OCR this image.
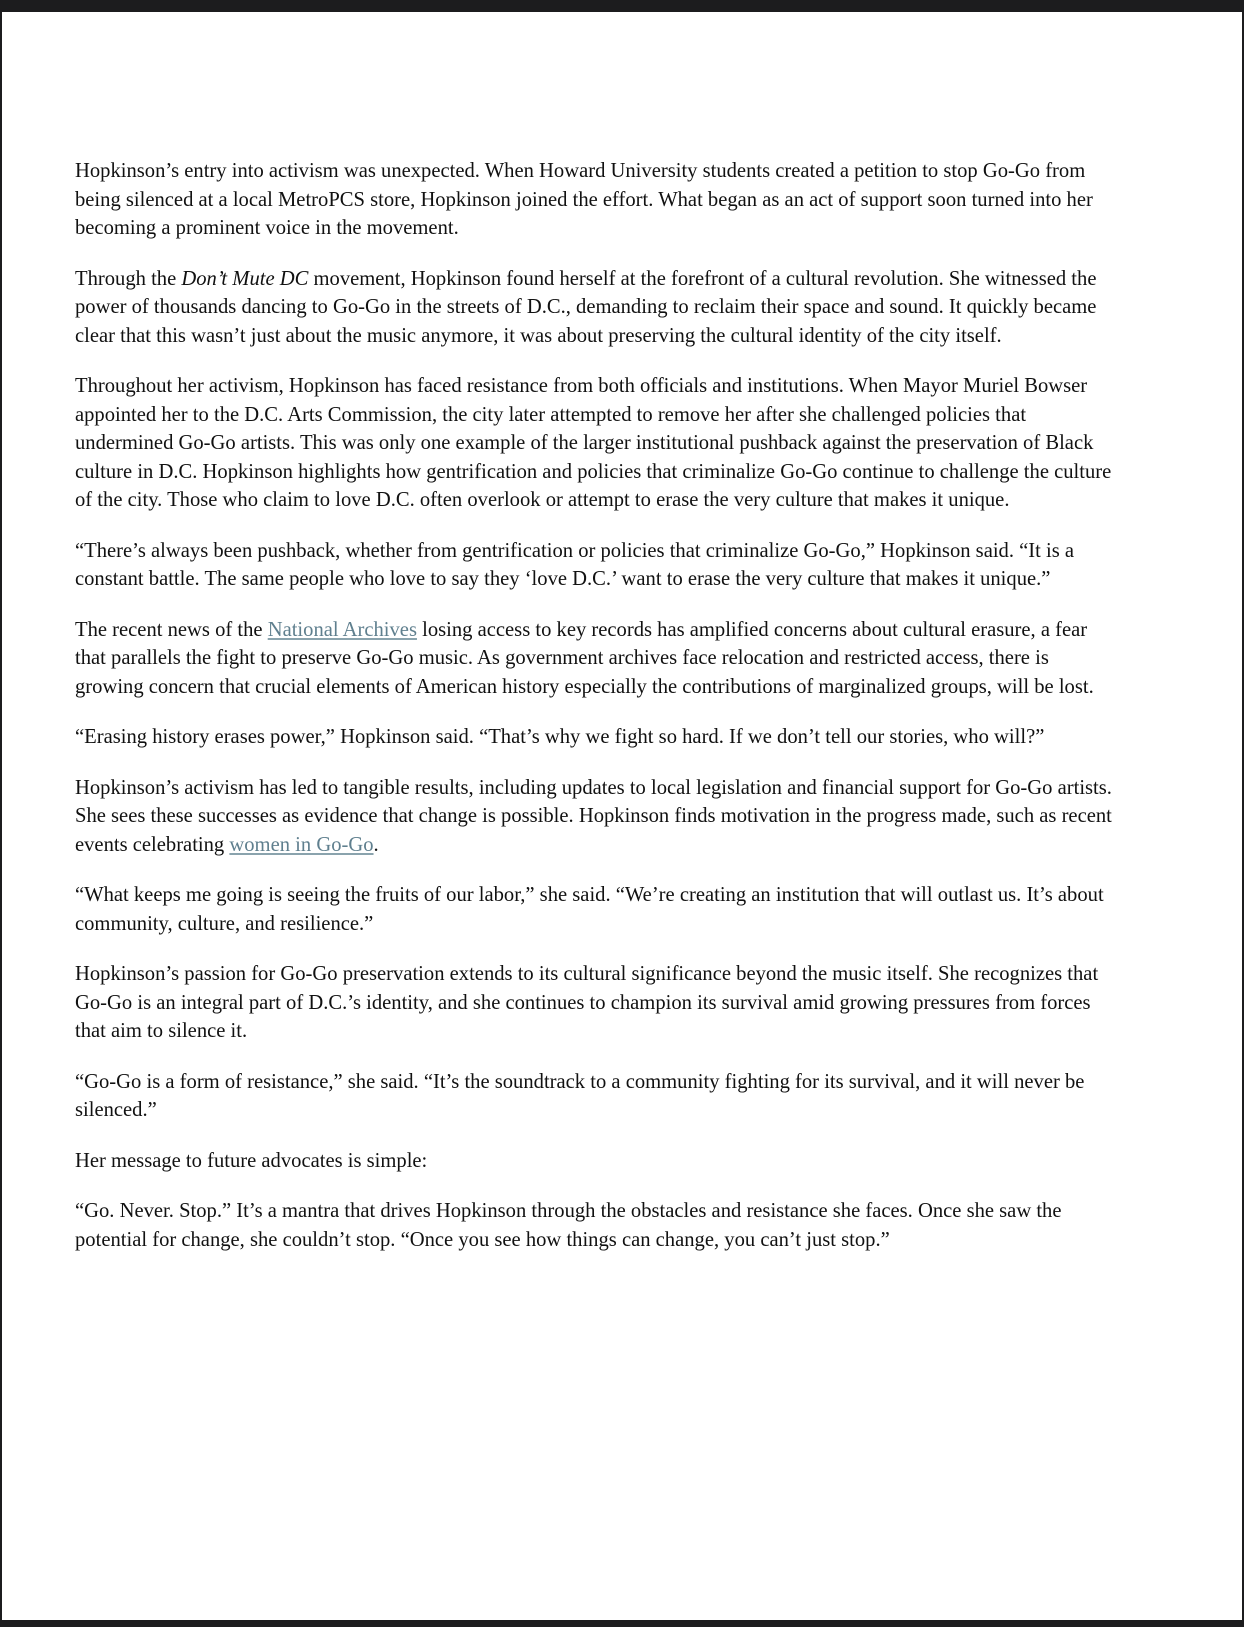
Hopkinson’s entry into activism was unexpected. When Howard University students created a petition to stop Go-Go from being silenced at a local MetroPCS store, Hopkinson joined the effort. What began as an act of support soon turned into her becoming a prominent voice in the movement.

Through the Don’t Mute DC movement, Hopkinson found herself at the forefront of a cultural revolution. She witnessed the power of thousands dancing to Go-Go in the streets of D.C., demanding to reclaim their space and sound. It quickly became clear that this wasn’t just about the music anymore, it was about preserving the cultural identity of the city itself.

Throughout her activism, Hopkinson has faced resistance from both officials and institutions. When Mayor Muriel Bowser appointed her to the D.C. Arts Commission, the city later attempted to remove her after she challenged policies that undermined Go-Go artists. This was only one example of the larger institutional pushback against the preservation of Black culture in D.C. Hopkinson highlights how gentrification and policies that criminalize Go-Go continue to challenge the culture of the city. Those who claim to love D.C. often overlook or attempt to erase the very culture that makes it unique.

“There’s always been pushback, whether from gentrification or policies that criminalize Go-Go,” Hopkinson said. “It is a constant battle. The same people who love to say they ‘love D.C.’ want to erase the very culture that makes it unique.”

The recent news of the National Archives losing access to key records has amplified concerns about cultural erasure, a fear that parallels the fight to preserve Go-Go music. As government archives face relocation and restricted access, there is growing concern that crucial elements of American history especially the contributions of marginalized groups, will be lost.

“Erasing history erases power,” Hopkinson said. “That’s why we fight so hard. If we don’t tell our stories, who will?”

Hopkinson’s activism has led to tangible results, including updates to local legislation and financial support for Go-Go artists. She sees these successes as evidence that change is possible. Hopkinson finds motivation in the progress made, such as recent events celebrating women in Go-Go.

“What keeps me going is seeing the fruits of our labor,” she said. “We’re creating an institution that will outlast us. It’s about community, culture, and resilience.”

Hopkinson’s passion for Go-Go preservation extends to its cultural significance beyond the music itself. She recognizes that Go-Go is an integral part of D.C.’s identity, and she continues to champion its survival amid growing pressures from forces that aim to silence it.

“Go-Go is a form of resistance,” she said. “It’s the soundtrack to a community fighting for its survival, and it will never be silenced.”

Her message to future advocates is simple:

“Go. Never. Stop.” It’s a mantra that drives Hopkinson through the obstacles and resistance she faces. Once she saw the potential for change, she couldn’t stop. “Once you see how things can change, you can’t just stop.”
